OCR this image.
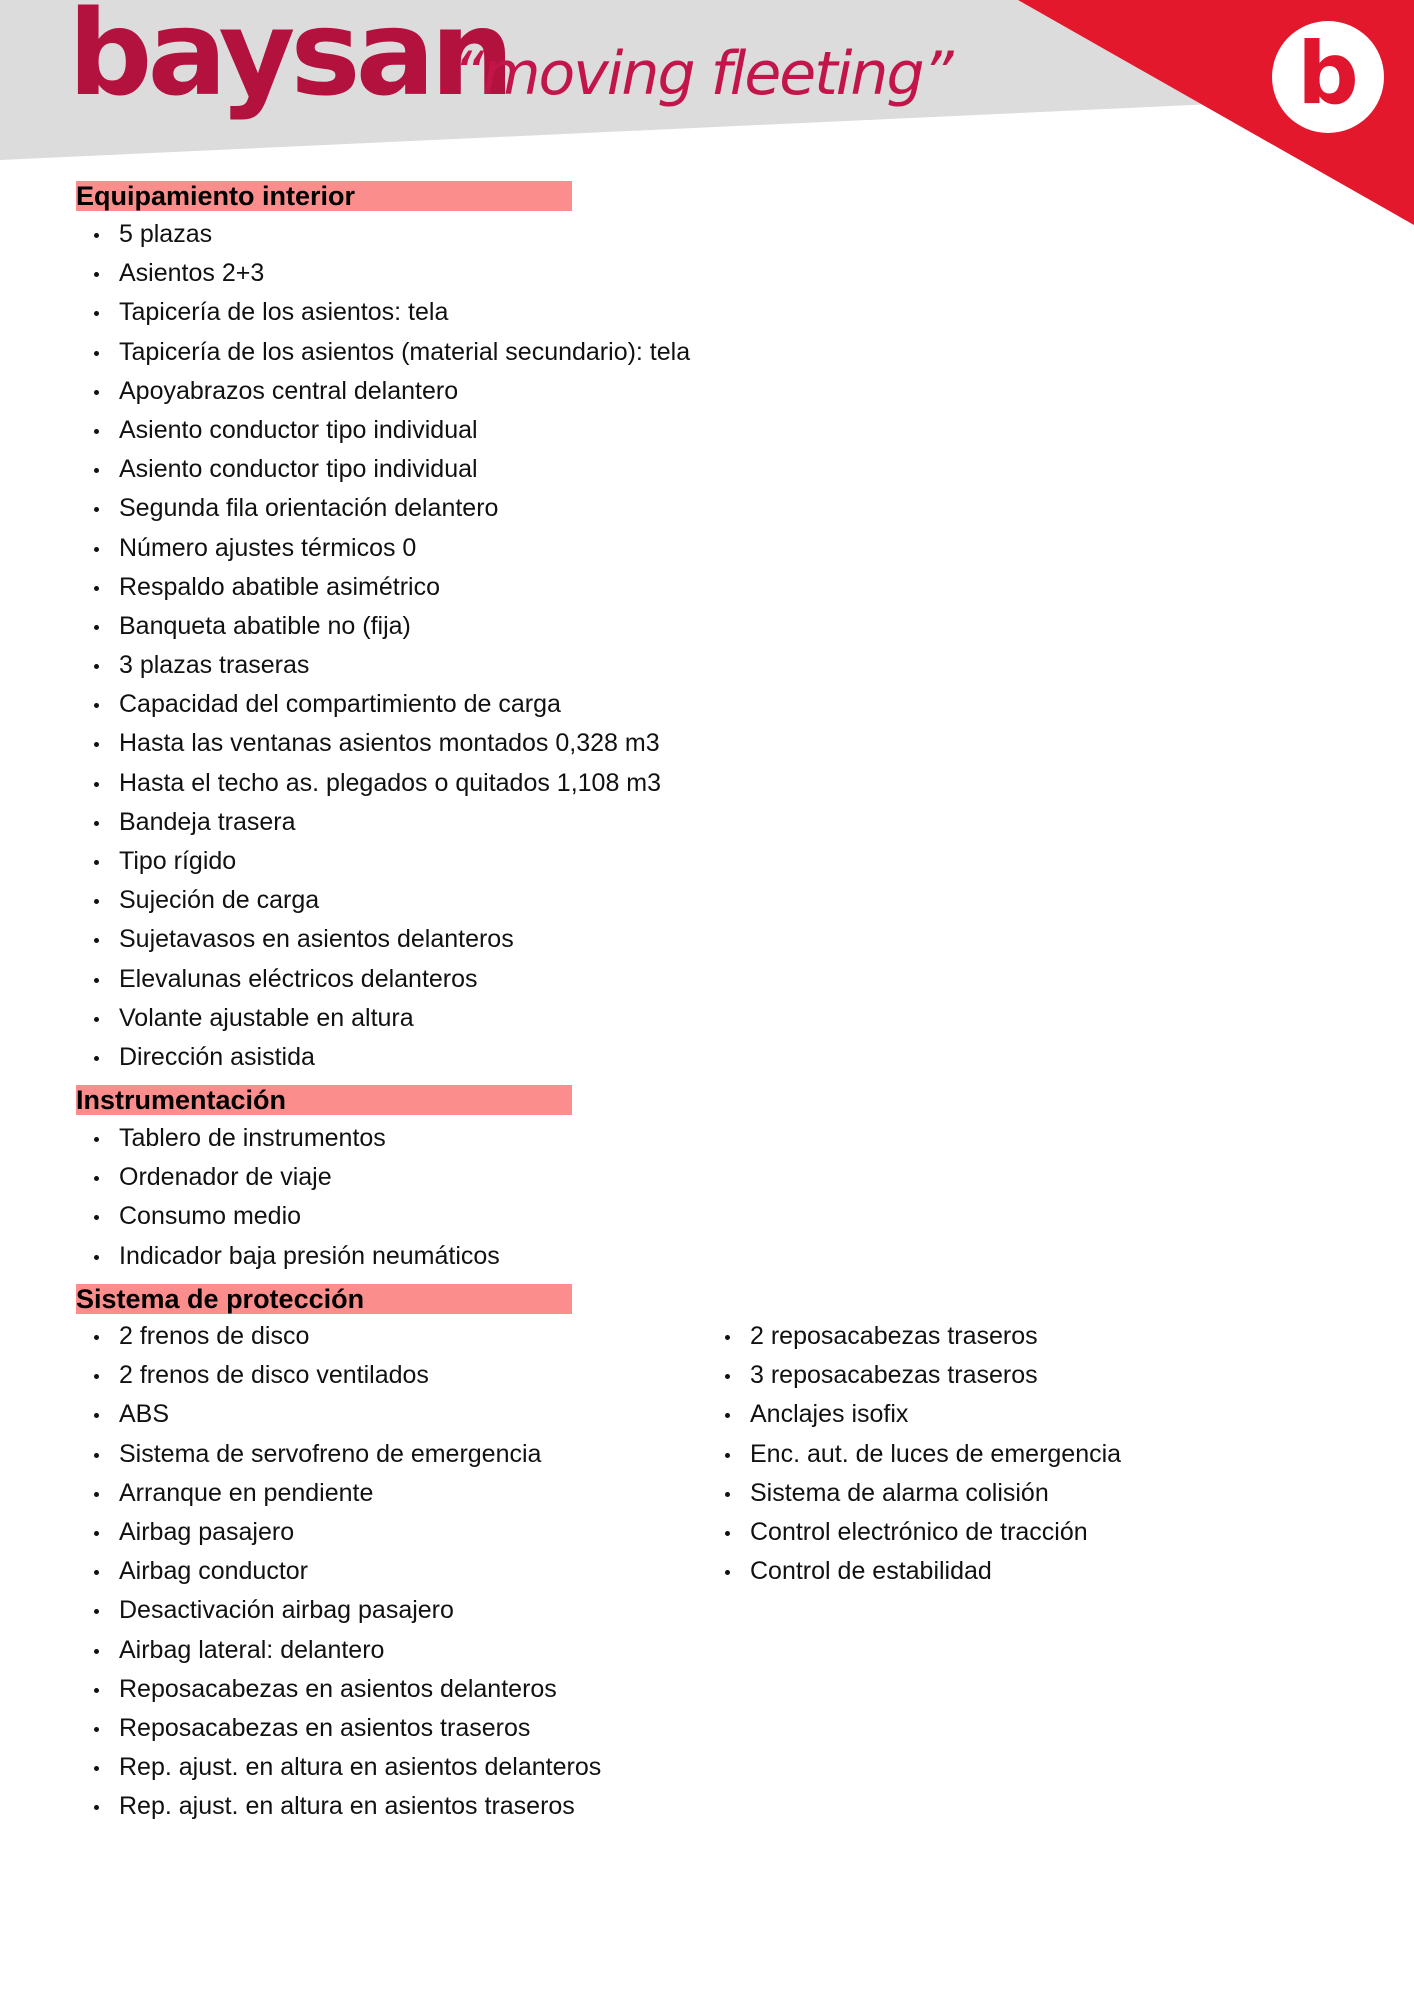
baysan
“moving fleeting”	b
Equipamiento interior
5 plazas
Asientos 2+3
Tapicería de los asientos: tela
Tapicería de los asientos (material secundario): tela
Apoyabrazos central delantero
Asiento conductor tipo individual
Asiento conductor tipo individual
Segunda fila orientación delantero
Número ajustes térmicos 0
Respaldo abatible asimétrico
Banqueta abatible no (fija)
3 plazas traseras
Capacidad del compartimiento de carga
Hasta las ventanas asientos montados 0,328 m3
Hasta el techo as. plegados o quitados 1,108 m3
Bandeja trasera
Tipo rígido
Sujeción de carga
Sujetavasos en asientos delanteros
Elevalunas eléctricos delanteros
Volante ajustable en altura
Dirección asistida
Instrumentación
Tablero de instrumentos
Ordenador de viaje
Consumo medio
Indicador baja presión neumáticos
Sistema de protección
2 frenos de disco
2 frenos de disco ventilados
ABS
Sistema de servofreno de emergencia
Arranque en pendiente
Airbag pasajero
Airbag conductor
Desactivación airbag pasajero
Airbag lateral: delantero
Reposacabezas en asientos delanteros
Reposacabezas en asientos traseros
Rep. ajust. en altura en asientos delanteros
Rep. ajust. en altura en asientos traseros
2 reposacabezas traseros
3 reposacabezas traseros
Anclajes isofix
Enc. aut. de luces de emergencia
Sistema de alarma colisión
Control electrónico de tracción
Control de estabilidad
